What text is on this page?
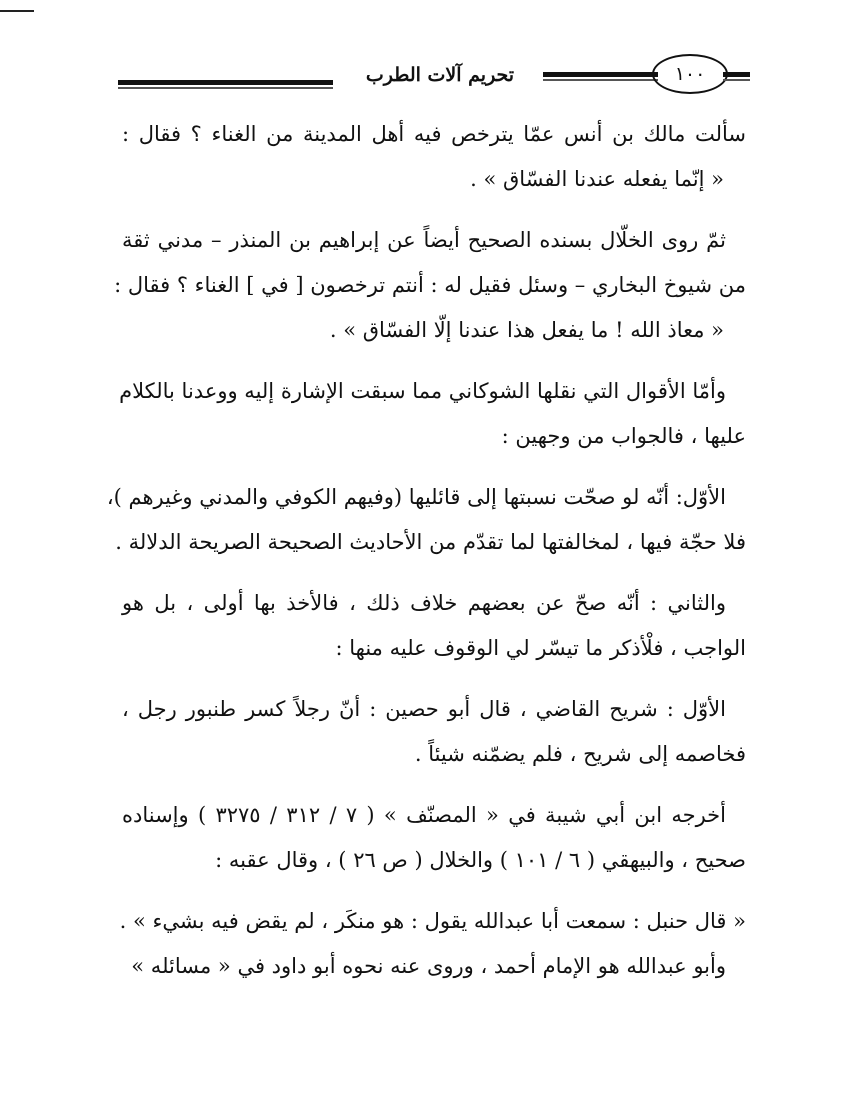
تحريم آلات الطرب	١٠٠
سألت مالك بن أنس عمّا يترخص فيه أهل المدينة من الغناء ؟ فقال :
« إنّما يفعله عندنا الفسّاق » .
ثمّ روى الخلّال بسنده الصحيح أيضاً عن إبراهيم بن المنذر – مدني ثقة
من شيوخ البخاري – وسئل فقيل له : أنتم ترخصون [ في ] الغناء ؟ فقال :
« معاذ الله ! ما يفعل هذا عندنا إلّا الفسّاق » .
وأمّا الأقوال التي نقلها الشوكاني مما سبقت الإشارة إليه ووعدنا بالكلام
عليها ، فالجواب من وجهين :
الأوّل: أنّه لو صحّت نسبتها إلى قائليها (وفيهم الكوفي والمدني وغيرهم )،
فلا حجّة فيها ، لمخالفتها لما تقدّم من الأحاديث الصحيحة الصريحة الدلالة .
والثاني : أنّه صحّ عن بعضهم خلاف ذلك ، فالأخذ بها أولى ، بل هو
الواجب ، فلْأذكر ما تيسّر لي الوقوف عليه منها :
الأوّل : شريح القاضي ، قال أبو حصين : أنّ رجلاً كسر طنبور رجل ،
فخاصمه إلى شريح ، فلم يضمّنه شيئاً .
أخرجه ابن أبي شيبة في « المصنّف » ( ٧ / ٣١٢ / ٣٢٧٥ ) وإسناده
صحيح ، والبيهقي ( ٦ / ١٠١ ) والخلال ( ص ٢٦ ) ، وقال عقبه :
« قال حنبل : سمعت أبا عبدالله يقول : هو منكَر ، لم يقض فيه بشيء » .
وأبو عبدالله هو الإمام أحمد ، وروى عنه نحوه أبو داود في « مسائله »
